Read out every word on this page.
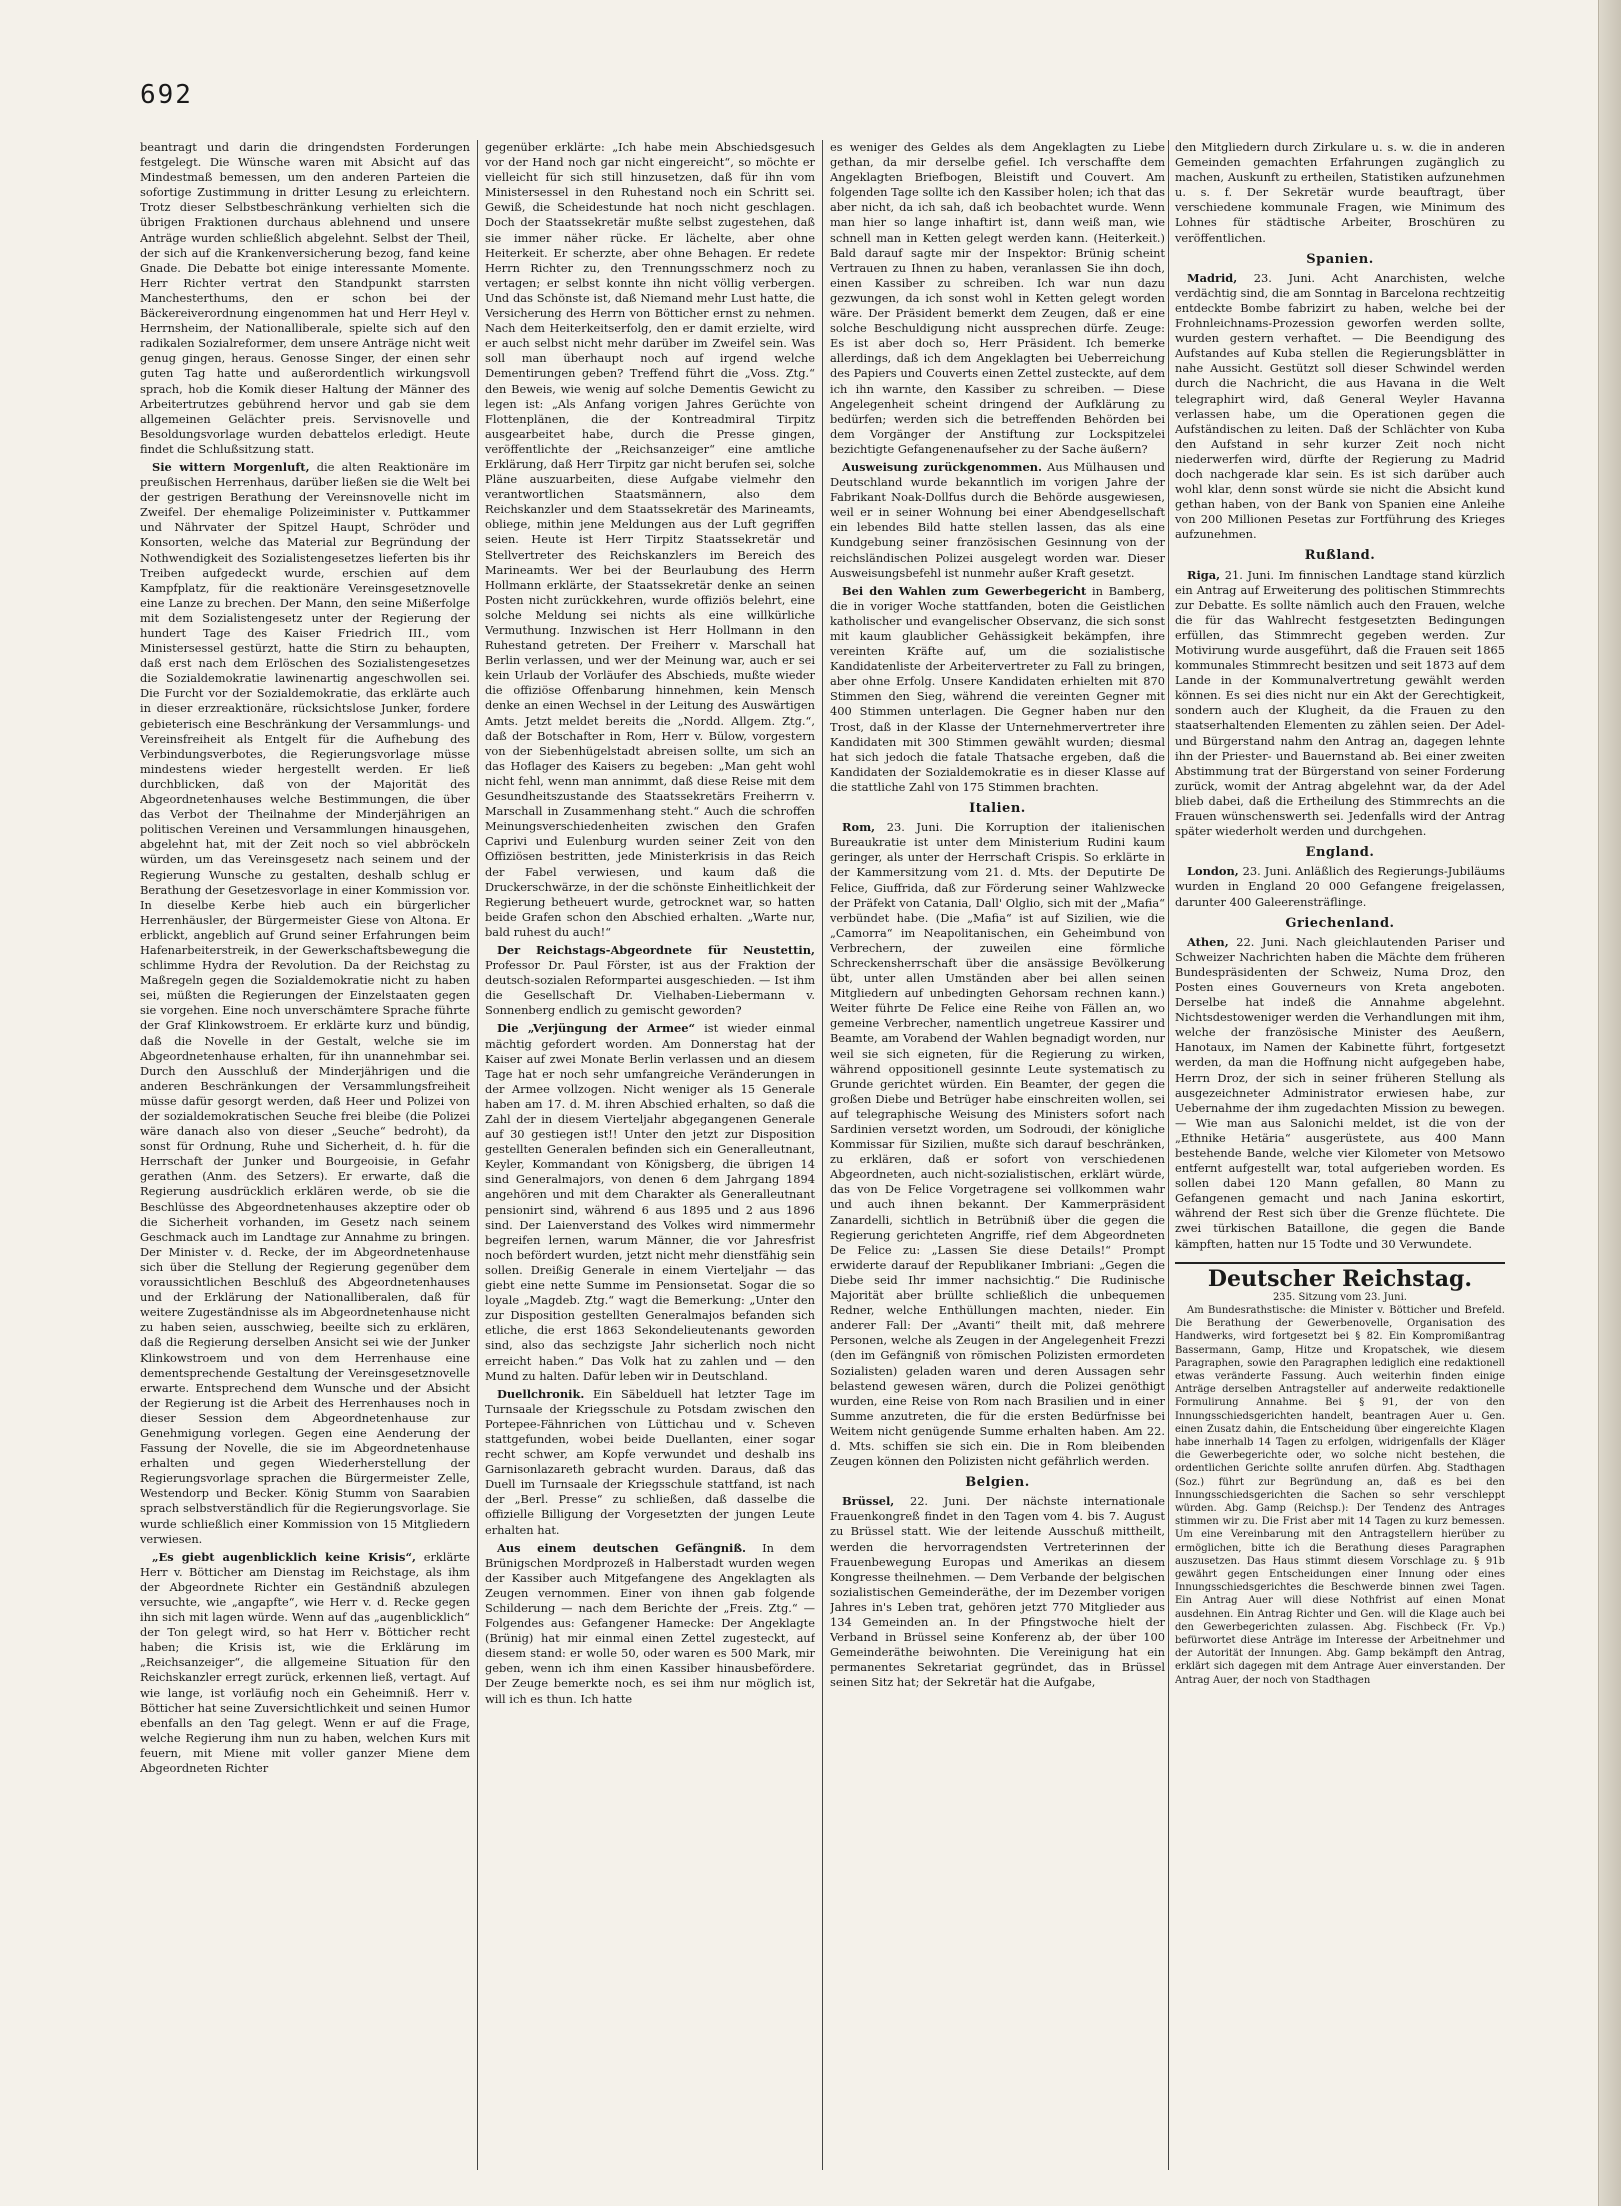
692

beantragt und darin die dringendsten Forderungen festgelegt. Die Wünsche waren mit Absicht auf das Mindestmaß bemessen, um den anderen Parteien die sofortige Zustimmung in dritter Lesung zu erleichtern. Trotz dieser Selbstbeschränkung verhielten sich die übrigen Fraktionen durchaus ablehnend und unsere Anträge wurden schließlich abgelehnt. Selbst der Theil, der sich auf die Krankenversicherung bezog, fand keine Gnade. Die Debatte bot einige interessante Momente. Herr Richter vertrat den Standpunkt starrsten Manchesterthums, den er schon bei der Bäckereiverordnung eingenommen hat und Herr Heyl v. Herrnsheim, der Nationalliberale, spielte sich auf den radikalen Sozialreformer, dem unsere Anträge nicht weit genug gingen, heraus. Genosse Singer, der einen sehr guten Tag hatte und außerordentlich wirkungsvoll sprach, hob die Komik dieser Haltung der Männer des Arbeitertrutzes gebührend hervor und gab sie dem allgemeinen Gelächter preis. Servisnovelle und Besoldungsvorlage wurden debattelos erledigt. Heute findet die Schlußsitzung statt.

Sie wittern Morgenluft, die alten Reaktionäre im preußischen Herrenhaus, darüber ließen sie die Welt bei der gestrigen Berathung der Vereinsnovelle nicht im Zweifel. Der ehemalige Polizeiminister v. Puttkammer und Nährvater der Spitzel Haupt, Schröder und Konsorten, welche das Material zur Begründung der Nothwendigkeit des Sozialistengesetzes lieferten bis ihr Treiben aufgedeckt wurde, erschien auf dem Kampfplatz, für die reaktionäre Vereinsgesetznovelle eine Lanze zu brechen. Der Mann, den seine Mißerfolge mit dem Sozialistengesetz unter der Regierung der hundert Tage des Kaiser Friedrich III., vom Ministersessel gestürzt, hatte die Stirn zu behaupten, daß erst nach dem Erlöschen des Sozialistengesetzes die Sozialdemokratie lawinenartig angeschwollen sei. Die Furcht vor der Sozialdemokratie, das erklärte auch in dieser erzreaktionäre, rücksichtslose Junker, fordere gebieterisch eine Beschränkung der Versammlungs- und Vereinsfreiheit als Entgelt für die Aufhebung des Verbindungsverbotes, die Regierungsvorlage müsse mindestens wieder hergestellt werden. Er ließ durchblicken, daß von der Majorität des Abgeordnetenhauses welche Bestimmungen, die über das Verbot der Theilnahme der Minderjährigen an politischen Vereinen und Versammlungen hinausgehen, abgelehnt hat, mit der Zeit noch so viel abbröckeln würden, um das Vereinsgesetz nach seinem und der Regierung Wunsche zu gestalten, deshalb schlug er Berathung der Gesetzesvorlage in einer Kommission vor. In dieselbe Kerbe hieb auch ein bürgerlicher Herrenhäusler, der Bürgermeister Giese von Altona. Er erblickt, angeblich auf Grund seiner Erfahrungen beim Hafenarbeiterstreik, in der Gewerkschaftsbewegung die schlimme Hydra der Revolution. Da der Reichstag zu Maßregeln gegen die Sozialdemokratie nicht zu haben sei, müßten die Regierungen der Einzelstaaten gegen sie vorgehen. Eine noch unverschämtere Sprache führte der Graf Klinkowstroem. Er erklärte kurz und bündig, daß die Novelle in der Gestalt, welche sie im Abgeordnetenhause erhalten, für ihn unannehmbar sei. Durch den Ausschluß der Minderjährigen und die anderen Beschränkungen der Versammlungsfreiheit müsse dafür gesorgt werden, daß Heer und Polizei von der sozialdemokratischen Seuche frei bleibe (die Polizei wäre danach also von dieser „Seuche“ bedroht), da sonst für Ordnung, Ruhe und Sicherheit, d. h. für die Herrschaft der Junker und Bourgeoisie, in Gefahr gerathen (Anm. des Setzers). Er erwarte, daß die Regierung ausdrücklich erklären werde, ob sie die Beschlüsse des Abgeordnetenhauses akzeptire oder ob die Sicherheit vorhanden, im Gesetz nach seinem Geschmack auch im Landtage zur Annahme zu bringen. Der Minister v. d. Recke, der im Abgeordnetenhause sich über die Stellung der Regierung gegenüber dem voraussichtlichen Beschluß des Abgeordnetenhauses und der Erklärung der Nationalliberalen, daß für weitere Zugeständnisse als im Abgeordnetenhause nicht zu haben seien, ausschwieg, beeilte sich zu erklären, daß die Regierung derselben Ansicht sei wie der Junker Klinkowstroem und von dem Herrenhause eine dementsprechende Gestaltung der Vereinsgesetznovelle erwarte. Entsprechend dem Wunsche und der Absicht der Regierung ist die Arbeit des Herrenhauses noch in dieser Session dem Abgeordnetenhause zur Genehmigung vorlegen. Gegen eine Aenderung der Fassung der Novelle, die sie im Abgeordnetenhause erhalten und gegen Wiederherstellung der Regierungsvorlage sprachen die Bürgermeister Zelle, Westendorp und Becker. König Stumm von Saarabien sprach selbstverständlich für die Regierungsvorlage. Sie wurde schließlich einer Kommission von 15 Mitgliedern verwiesen.

„Es giebt augenblicklich keine Krisis“, erklärte Herr v. Bötticher am Dienstag im Reichstage, als ihm der Abgeordnete Richter ein Geständniß abzulegen versuchte, wie „angapfte“, wie Herr v. d. Recke gegen ihn sich mit lagen würde. Wenn auf das „augenblicklich“ der Ton gelegt wird, so hat Herr v. Bötticher recht haben; die Krisis ist, wie die Erklärung im „Reichsanzeiger“, die allgemeine Situation für den Reichskanzler erregt zurück, erkennen ließ, vertagt. Auf wie lange, ist vorläufig noch ein Geheimniß. Herr v. Bötticher hat seine Zuversichtlichkeit und seinen Humor ebenfalls an den Tag gelegt. Wenn er auf die Frage, welche Regierung ihm nun zu haben, welchen Kurs mit feuern, mit Miene mit voller ganzer Miene dem Abgeordneten Richter

gegenüber erklärte: „Ich habe mein Abschiedsgesuch vor der Hand noch gar nicht eingereicht“, so möchte er vielleicht für sich still hinzusetzen, daß für ihn vom Ministersessel in den Ruhestand noch ein Schritt sei. Gewiß, die Scheidestunde hat noch nicht geschlagen. Doch der Staatssekretär mußte selbst zugestehen, daß sie immer näher rücke. Er lächelte, aber ohne Heiterkeit. Er scherzte, aber ohne Behagen. Er redete Herrn Richter zu, den Trennungsschmerz noch zu vertagen; er selbst konnte ihn nicht völlig verbergen. Und das Schönste ist, daß Niemand mehr Lust hatte, die Versicherung des Herrn von Bötticher ernst zu nehmen. Nach dem Heiterkeitserfolg, den er damit erzielte, wird er auch selbst nicht mehr darüber im Zweifel sein. Was soll man überhaupt noch auf irgend welche Dementirungen geben? Treffend führt die „Voss. Ztg.“ den Beweis, wie wenig auf solche Dementis Gewicht zu legen ist: „Als Anfang vorigen Jahres Gerüchte von Flottenplänen, die der Kontreadmiral Tirpitz ausgearbeitet habe, durch die Presse gingen, veröffentlichte der „Reichsanzeiger“ eine amtliche Erklärung, daß Herr Tirpitz gar nicht berufen sei, solche Pläne auszuarbeiten, diese Aufgabe vielmehr den verantwortlichen Staatsmännern, also dem Reichskanzler und dem Staatssekretär des Marineamts, obliege, mithin jene Meldungen aus der Luft gegriffen seien. Heute ist Herr Tirpitz Staatssekretär und Stellvertreter des Reichskanzlers im Bereich des Marineamts. Wer bei der Beurlaubung des Herrn Hollmann erklärte, der Staatssekretär denke an seinen Posten nicht zurückkehren, wurde offiziös belehrt, eine solche Meldung sei nichts als eine willkürliche Vermuthung. Inzwischen ist Herr Hollmann in den Ruhestand getreten. Der Freiherr v. Marschall hat Berlin verlassen, und wer der Meinung war, auch er sei kein Urlaub der Vorläufer des Abschieds, mußte wieder die offiziöse Offenbarung hinnehmen, kein Mensch denke an einen Wechsel in der Leitung des Auswärtigen Amts. Jetzt meldet bereits die „Nordd. Allgem. Ztg.“, daß der Botschafter in Rom, Herr v. Bülow, vorgestern von der Siebenhügelstadt abreisen sollte, um sich an das Hoflager des Kaisers zu begeben: „Man geht wohl nicht fehl, wenn man annimmt, daß diese Reise mit dem Gesundheitszustande des Staatssekretärs Freiherrn v. Marschall in Zusammenhang steht.“ Auch die schroffen Meinungsverschiedenheiten zwischen den Grafen Caprivi und Eulenburg wurden seiner Zeit von den Offiziösen bestritten, jede Ministerkrisis in das Reich der Fabel verwiesen, und kaum daß die Druckerschwärze, in der die schönste Einheitlichkeit der Regierung betheuert wurde, getrocknet war, so hatten beide Grafen schon den Abschied erhalten. „Warte nur, bald ruhest du auch!“

Der Reichstags-Abgeordnete für Neustettin, Professor Dr. Paul Förster, ist aus der Fraktion der deutsch-sozialen Reformpartei ausgeschieden. — Ist ihm die Gesellschaft Dr. Vielhaben-Liebermann v. Sonnenberg endlich zu gemischt geworden?

Die „Verjüngung der Armee“ ist wieder einmal mächtig gefordert worden. Am Donnerstag hat der Kaiser auf zwei Monate Berlin verlassen und an diesem Tage hat er noch sehr umfangreiche Veränderungen in der Armee vollzogen. Nicht weniger als 15 Generale haben am 17. d. M. ihren Abschied erhalten, so daß die Zahl der in diesem Vierteljahr abgegangenen Generale auf 30 gestiegen ist!! Unter den jetzt zur Disposition gestellten Generalen befinden sich ein Generalleutnant, Keyler, Kommandant von Königsberg, die übrigen 14 sind Generalmajors, von denen 6 dem Jahrgang 1894 angehören und mit dem Charakter als Generalleutnant pensionirt sind, während 6 aus 1895 und 2 aus 1896 sind. Der Laienverstand des Volkes wird nimmermehr begreifen lernen, warum Männer, die vor Jahresfrist noch befördert wurden, jetzt nicht mehr dienstfähig sein sollen. Dreißig Generale in einem Vierteljahr — das giebt eine nette Summe im Pensionsetat. Sogar die so loyale „Magdeb. Ztg.“ wagt die Bemerkung: „Unter den zur Disposition gestellten Generalmajos befanden sich etliche, die erst 1863 Sekondelieutenants geworden sind, also das sechzigste Jahr sicherlich noch nicht erreicht haben.“ Das Volk hat zu zahlen und — den Mund zu halten. Dafür leben wir in Deutschland.

Duellchronik. Ein Säbelduell hat letzter Tage im Turnsaale der Kriegsschule zu Potsdam zwischen den Portepee-Fähnrichen von Lüttichau und v. Scheven stattgefunden, wobei beide Duellanten, einer sogar recht schwer, am Kopfe verwundet und deshalb ins Garnisonlazareth gebracht wurden. Daraus, daß das Duell im Turnsaale der Kriegsschule stattfand, ist nach der „Berl. Presse“ zu schließen, daß dasselbe die offizielle Billigung der Vorgesetzten der jungen Leute erhalten hat.

Aus einem deutschen Gefängniß. In dem Brünigschen Mordprozeß in Halberstadt wurden wegen der Kassiber auch Mitgefangene des Angeklagten als Zeugen vernommen. Einer von ihnen gab folgende Schilderung — nach dem Berichte der „Freis. Ztg.“ — Folgendes aus: Gefangener Hamecke: Der Angeklagte (Brünig) hat mir einmal einen Zettel zugesteckt, auf diesem stand: er wolle 50, oder waren es 500 Mark, mir geben, wenn ich ihm einen Kassiber hinausbefördere. Der Zeuge bemerkte noch, es sei ihm nur möglich ist, will ich es thun. Ich hatte

es weniger des Geldes als dem Angeklagten zu Liebe gethan, da mir derselbe gefiel. Ich verschaffte dem Angeklagten Briefbogen, Bleistift und Couvert. Am folgenden Tage sollte ich den Kassiber holen; ich that das aber nicht, da ich sah, daß ich beobachtet wurde. Wenn man hier so lange inhaftirt ist, dann weiß man, wie schnell man in Ketten gelegt werden kann. (Heiterkeit.) Bald darauf sagte mir der Inspektor: Brünig scheint Vertrauen zu Ihnen zu haben, veranlassen Sie ihn doch, einen Kassiber zu schreiben. Ich war nun dazu gezwungen, da ich sonst wohl in Ketten gelegt worden wäre. Der Präsident bemerkt dem Zeugen, daß er eine solche Beschuldigung nicht aussprechen dürfe. Zeuge: Es ist aber doch so, Herr Präsident. Ich bemerke allerdings, daß ich dem Angeklagten bei Ueberreichung des Papiers und Couverts einen Zettel zusteckte, auf dem ich ihn warnte, den Kassiber zu schreiben. — Diese Angelegenheit scheint dringend der Aufklärung zu bedürfen; werden sich die betreffenden Behörden bei dem Vorgänger der Anstiftung zur Lockspitzelei bezichtigte Gefangenenaufseher zu der Sache äußern?

Ausweisung zurückgenommen. Aus Mülhausen und Deutschland wurde bekanntlich im vorigen Jahre der Fabrikant Noak-Dollfus durch die Behörde ausgewiesen, weil er in seiner Wohnung bei einer Abendgesellschaft ein lebendes Bild hatte stellen lassen, das als eine Kundgebung seiner französischen Gesinnung von der reichsländischen Polizei ausgelegt worden war. Dieser Ausweisungsbefehl ist nunmehr außer Kraft gesetzt.

Bei den Wahlen zum Gewerbegericht in Bamberg, die in voriger Woche stattfanden, boten die Geistlichen katholischer und evangelischer Observanz, die sich sonst mit kaum glaublicher Gehässigkeit bekämpfen, ihre vereinten Kräfte auf, um die sozialistische Kandidatenliste der Arbeitervertreter zu Fall zu bringen, aber ohne Erfolg. Unsere Kandidaten erhielten mit 870 Stimmen den Sieg, während die vereinten Gegner mit 400 Stimmen unterlagen. Die Gegner haben nur den Trost, daß in der Klasse der Unternehmervertreter ihre Kandidaten mit 300 Stimmen gewählt wurden; diesmal hat sich jedoch die fatale Thatsache ergeben, daß die Kandidaten der Sozialdemokratie es in dieser Klasse auf die stattliche Zahl von 175 Stimmen brachten.

Italien.

Rom, 23. Juni. Die Korruption der italienischen Bureaukratie ist unter dem Ministerium Rudini kaum geringer, als unter der Herrschaft Crispis. So erklärte in der Kammersitzung vom 21. d. Mts. der Deputirte De Felice, Giuffrida, daß zur Förderung seiner Wahlzwecke der Präfekt von Catania, Dall' Olglio, sich mit der „Mafia“ verbündet habe. (Die „Mafia“ ist auf Sizilien, wie die „Camorra“ im Neapolitanischen, ein Geheimbund von Verbrechern, der zuweilen eine förmliche Schreckensherrschaft über die ansässige Bevölkerung übt, unter allen Umständen aber bei allen seinen Mitgliedern auf unbedingten Gehorsam rechnen kann.) Weiter führte De Felice eine Reihe von Fällen an, wo gemeine Verbrecher, namentlich ungetreue Kassirer und Beamte, am Vorabend der Wahlen begnadigt worden, nur weil sie sich eigneten, für die Regierung zu wirken, während oppositionell gesinnte Leute systematisch zu Grunde gerichtet würden. Ein Beamter, der gegen die großen Diebe und Betrüger habe einschreiten wollen, sei auf telegraphische Weisung des Ministers sofort nach Sardinien versetzt worden, um Sodroudi, der königliche Kommissar für Sizilien, mußte sich darauf beschränken, zu erklären, daß er sofort von verschiedenen Abgeordneten, auch nicht-sozialistischen, erklärt würde, das von De Felice Vorgetragene sei vollkommen wahr und auch ihnen bekannt. Der Kammerpräsident Zanardelli, sichtlich in Betrübniß über die gegen die Regierung gerichteten Angriffe, rief dem Abgeordneten De Felice zu: „Lassen Sie diese Details!“ Prompt erwiderte darauf der Republikaner Imbriani: „Gegen die Diebe seid Ihr immer nachsichtig.“ Die Rudinische Majorität aber brüllte schließlich die unbequemen Redner, welche Enthüllungen machten, nieder. Ein anderer Fall: Der „Avanti“ theilt mit, daß mehrere Personen, welche als Zeugen in der Angelegenheit Frezzi (den im Gefängniß von römischen Polizisten ermordeten Sozialisten) geladen waren und deren Aussagen sehr belastend gewesen wären, durch die Polizei genöthigt wurden, eine Reise von Rom nach Brasilien und in einer Summe anzutreten, die für die ersten Bedürfnisse bei Weitem nicht genügende Summe erhalten haben. Am 22. d. Mts. schiffen sie sich ein. Die in Rom bleibenden Zeugen können den Polizisten nicht gefährlich werden.

Belgien.

Brüssel, 22. Juni. Der nächste internationale Frauenkongreß findet in den Tagen vom 4. bis 7. August zu Brüssel statt. Wie der leitende Ausschuß mittheilt, werden die hervorragendsten Vertreterinnen der Frauenbewegung Europas und Amerikas an diesem Kongresse theilnehmen. — Dem Verbande der belgischen sozialistischen Gemeinderäthe, der im Dezember vorigen Jahres in's Leben trat, gehören jetzt 770 Mitglieder aus 134 Gemeinden an. In der Pfingstwoche hielt der Verband in Brüssel seine Konferenz ab, der über 100 Gemeinderäthe beiwohnten. Die Vereinigung hat ein permanentes Sekretariat gegründet, das in Brüssel seinen Sitz hat; der Sekretär hat die Aufgabe,

den Mitgliedern durch Zirkulare u. s. w. die in anderen Gemeinden gemachten Erfahrungen zugänglich zu machen, Auskunft zu ertheilen, Statistiken aufzunehmen u. s. f. Der Sekretär wurde beauftragt, über verschiedene kommunale Fragen, wie Minimum des Lohnes für städtische Arbeiter, Broschüren zu veröffentlichen.

Spanien.

Madrid, 23. Juni. Acht Anarchisten, welche verdächtig sind, die am Sonntag in Barcelona rechtzeitig entdeckte Bombe fabrizirt zu haben, welche bei der Frohnleichnams-Prozession geworfen werden sollte, wurden gestern verhaftet. — Die Beendigung des Aufstandes auf Kuba stellen die Regierungsblätter in nahe Aussicht. Gestützt soll dieser Schwindel werden durch die Nachricht, die aus Havana in die Welt telegraphirt wird, daß General Weyler Havanna verlassen habe, um die Operationen gegen die Aufständischen zu leiten. Daß der Schlächter von Kuba den Aufstand in sehr kurzer Zeit noch nicht niederwerfen wird, dürfte der Regierung zu Madrid doch nachgerade klar sein. Es ist sich darüber auch wohl klar, denn sonst würde sie nicht die Absicht kund gethan haben, von der Bank von Spanien eine Anleihe von 200 Millionen Pesetas zur Fortführung des Krieges aufzunehmen.

Rußland.

Riga, 21. Juni. Im finnischen Landtage stand kürzlich ein Antrag auf Erweiterung des politischen Stimmrechts zur Debatte. Es sollte nämlich auch den Frauen, welche die für das Wahlrecht festgesetzten Bedingungen erfüllen, das Stimmrecht gegeben werden. Zur Motivirung wurde ausgeführt, daß die Frauen seit 1865 kommunales Stimmrecht besitzen und seit 1873 auf dem Lande in der Kommunalvertretung gewählt werden können. Es sei dies nicht nur ein Akt der Gerechtigkeit, sondern auch der Klugheit, da die Frauen zu den staatserhaltenden Elementen zu zählen seien. Der Adel- und Bürgerstand nahm den Antrag an, dagegen lehnte ihn der Priester- und Bauernstand ab. Bei einer zweiten Abstimmung trat der Bürgerstand von seiner Forderung zurück, womit der Antrag abgelehnt war, da der Adel blieb dabei, daß die Ertheilung des Stimmrechts an die Frauen wünschenswerth sei. Jedenfalls wird der Antrag später wiederholt werden und durchgehen.

England.

London, 23. Juni. Anläßlich des Regierungs-Jubiläums wurden in England 20 000 Gefangene freigelassen, darunter 400 Galeerensträflinge.

Griechenland.

Athen, 22. Juni. Nach gleichlautenden Pariser und Schweizer Nachrichten haben die Mächte dem früheren Bundespräsidenten der Schweiz, Numa Droz, den Posten eines Gouverneurs von Kreta angeboten. Derselbe hat indeß die Annahme abgelehnt. Nichtsdestoweniger werden die Verhandlungen mit ihm, welche der französische Minister des Aeußern, Hanotaux, im Namen der Kabinette führt, fortgesetzt werden, da man die Hoffnung nicht aufgegeben habe, Herrn Droz, der sich in seiner früheren Stellung als ausgezeichneter Administrator erwiesen habe, zur Uebernahme der ihm zugedachten Mission zu bewegen. — Wie man aus Salonichi meldet, ist die von der „Ethnike Hetäria“ ausgerüstete, aus 400 Mann bestehende Bande, welche vier Kilometer von Metsowo entfernt aufgestellt war, total aufgerieben worden. Es sollen dabei 120 Mann gefallen, 80 Mann zu Gefangenen gemacht und nach Janina eskortirt, während der Rest sich über die Grenze flüchtete. Die zwei türkischen Bataillone, die gegen die Bande kämpften, hatten nur 15 Todte und 30 Verwundete.

Deutscher Reichstag.
235. Sitzung vom 23. Juni.

Am Bundesrathstische: die Minister v. Bötticher und Brefeld. Die Berathung der Gewerbenovelle, Organisation des Handwerks, wird fortgesetzt bei § 82. Ein Kompromißantrag Bassermann, Gamp, Hitze und Kropatschek, wie diesem Paragraphen, sowie den Paragraphen lediglich eine redaktionell etwas veränderte Fassung. Auch weiterhin finden einige Anträge derselben Antragsteller auf anderweite redaktionelle Formulirung Annahme. Bei § 91, der von den Innungsschiedsgerichten handelt, beantragen Auer u. Gen. einen Zusatz dahin, die Entscheidung über eingereichte Klagen habe innerhalb 14 Tagen zu erfolgen, widrigenfalls der Kläger die Gewerbegerichte oder, wo solche nicht bestehen, die ordentlichen Gerichte sollte anrufen dürfen. Abg. Stadthagen (Soz.) führt zur Begründung an, daß es bei den Innungsschiedsgerichten die Sachen so sehr verschleppt würden. Abg. Gamp (Reichsp.): Der Tendenz des Antrages stimmen wir zu. Die Frist aber mit 14 Tagen zu kurz bemessen. Um eine Vereinbarung mit den Antragstellern hierüber zu ermöglichen, bitte ich die Berathung dieses Paragraphen auszusetzen. Das Haus stimmt diesem Vorschlage zu. § 91b gewährt gegen Entscheidungen einer Innung oder eines Innungsschiedsgerichtes die Beschwerde binnen zwei Tagen. Ein Antrag Auer will diese Nothfrist auf einen Monat ausdehnen. Ein Antrag Richter und Gen. will die Klage auch bei den Gewerbegerichten zulassen. Abg. Fischbeck (Fr. Vp.) befürwortet diese Anträge im Interesse der Arbeitnehmer und der Autorität der Innungen. Abg. Gamp bekämpft den Antrag, erklärt sich dagegen mit dem Antrage Auer einverstanden. Der Antrag Auer, der noch von Stadthagen
